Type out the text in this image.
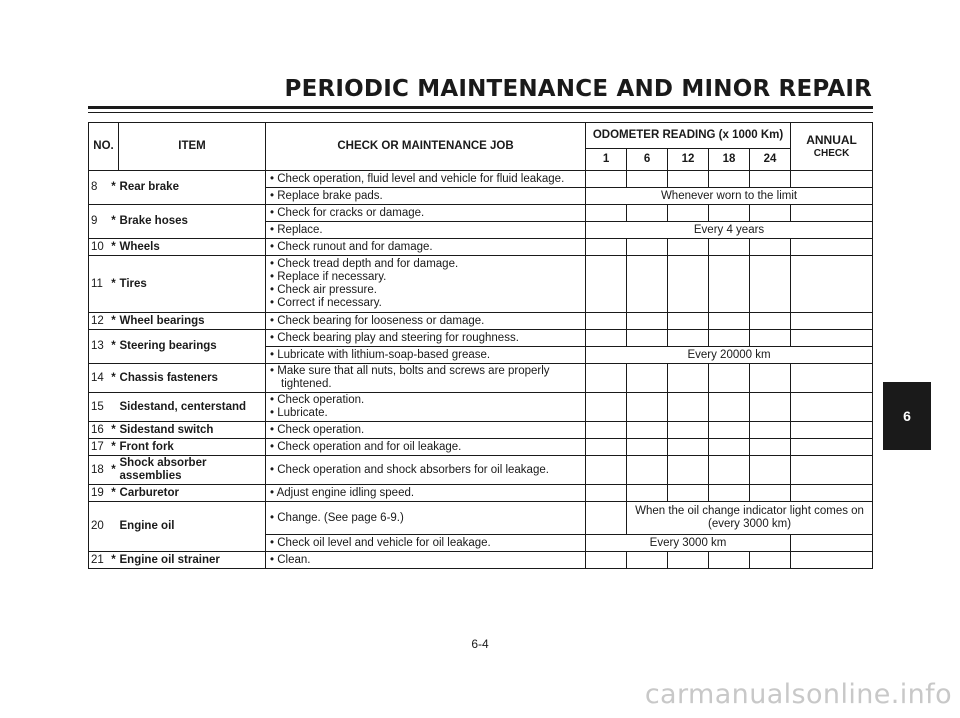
PERIODIC MAINTENANCE AND MINOR REPAIR
NO.		ITEM	CHECK OR MAINTENANCE JOB	ODOMETER READING (x 1000 Km)					ANNUAL
CHECK

				1	6	12	18	24	
8	*	Rear brake	• Check operation, fluid level and vehicle for fluid leakage.						

			• Replace brake pads.	Whenever worn to the limit					
9	*	Brake hoses	• Check for cracks or damage.						

			• Replace.	Every 4 years					
10	*	Wheels	• Check runout and for damage.						

11	*	Tires	• Check tread depth and for damage.
• Replace if necessary.
• Check air pressure.
• Correct if necessary.						

12	*	Wheel bearings	• Check bearing for looseness or damage.						

13	*	Steering bearings	• Check bearing play and steering for roughness.						

			• Lubricate with lithium-soap-based grease.	Every 20000 km					
14	*	Chassis fasteners	• Make sure that all nuts, bolts and screws are properly
tightened.						

15		Sidestand, centerstand	• Check operation.
• Lubricate.						

16	*	Sidestand switch	• Check operation.						

17	*	Front fork	• Check operation and for oil leakage.						

18	*	Shock absorber assemblies	• Check operation and shock absorbers for oil leakage.						

19	*	Carburetor	• Adjust engine idling speed.						

20		Engine oil	• Change. (See page 6-9.)		When the oil change indicator light comes on (every 3000 km)				

			• Check oil level and vehicle for oil leakage.	Every 3000 km					
21	*	Engine oil strainer	• Clean.						

6
6-4
carmanualsonline.info
